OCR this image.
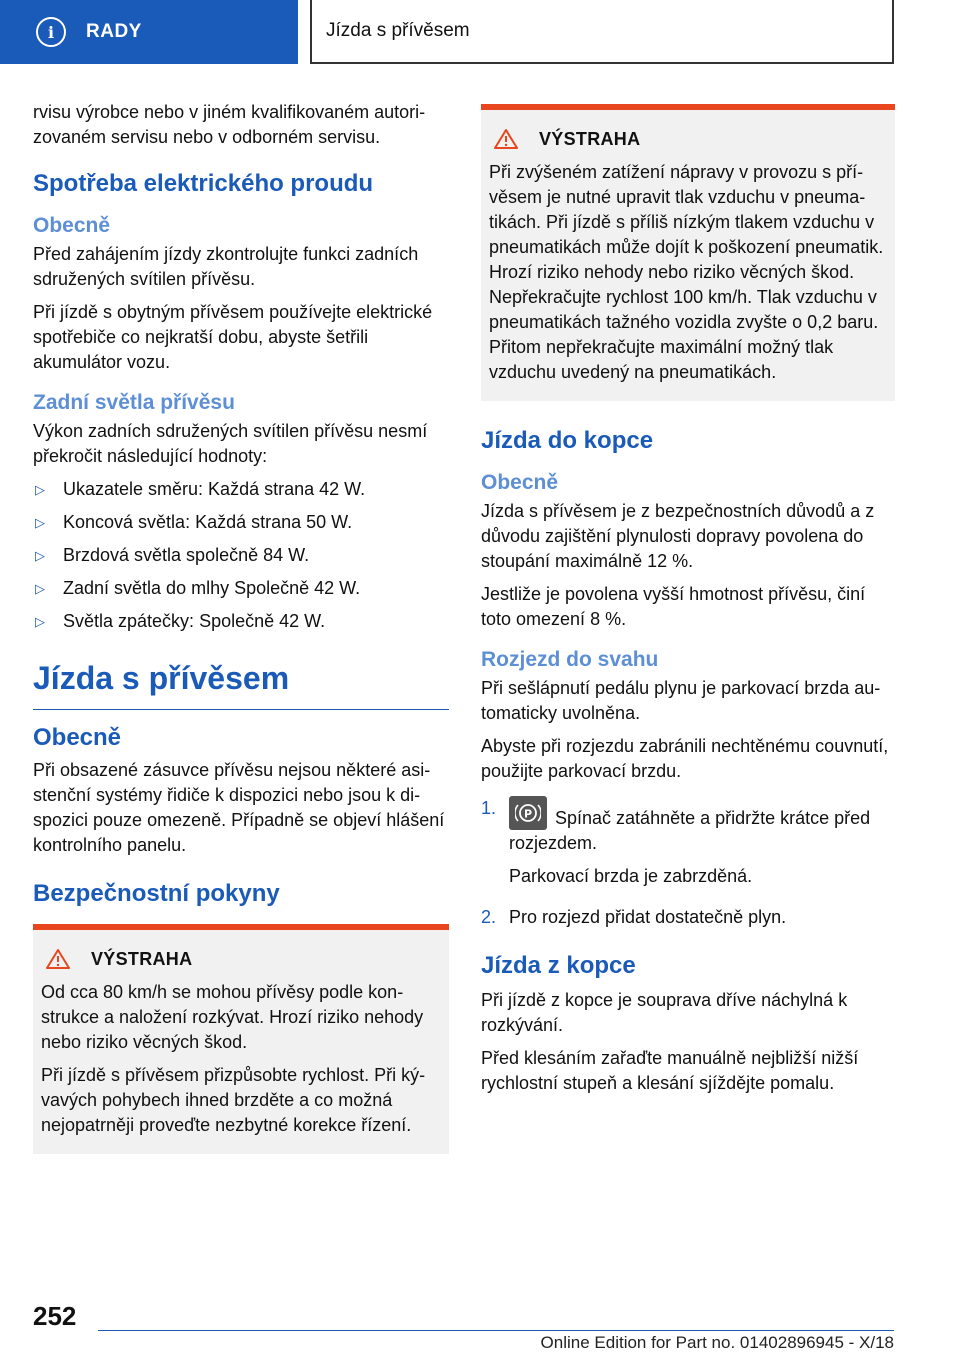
i	RADY	Jízda s přívěsem

rvisu výrobce nebo v jiném kvalifikovaném autorizovaném servisu nebo v odborném servisu.

Spotřeba elektrického proudu
Obecně

Před zahájením jízdy zkontrolujte funkci zadních sdružených svítilen přívěsu.

Při jízdě s obytným přívěsem používejte elektrické spotřebiče co nejkratší dobu, abyste šetřili akumulátor vozu.

Zadní světla přívěsu

Výkon zadních sdružených svítilen přívěsu nesmí překročit následující hodnoty:

▷	Ukazatele směru: Každá strana 42 W.
▷	Koncová světla: Každá strana 50 W.
▷	Brzdová světla společně 84 W.
▷	Zadní světla do mlhy Společně 42 W.
▷	Světla zpátečky: Společně 42 W.
Jízda s přívěsem
Obecně

Při obsazené zásuvce přívěsu nejsou některé asistenční systémy řidiče k dispozici nebo jsou k dispozici pouze omezeně. Případně se objeví hlášení kontrolního panelu.

Bezpečnostní pokyny
VÝSTRAHA

Od cca 80 km/h se mohou přívěsy podle konstrukce a naložení rozkývat. Hrozí riziko nehody nebo riziko věcných škod.

Při jízdě s přívěsem přizpůsobte rychlost. Při kývavých pohybech ihned brzděte a co možná nejopatrněji proveďte nezbytné korekce řízení.

VÝSTRAHA

Při zvýšeném zatížení nápravy v provozu s přívěsem je nutné upravit tlak vzduchu v pneumatikách. Při jízdě s příliš nízkým tlakem vzduchu v pneumatikách může dojít k poškození pneumatik. Hrozí riziko nehody nebo riziko věcných škod. Nepřekračujte rychlost 100 km/h. Tlak vzduchu v pneumatikách tažného vozidla zvyšte o 0,2 baru. Přitom nepřekračujte maximální možný tlak vzduchu uvedený na pneumatikách.

Jízda do kopce
Obecně

Jízda s přívěsem je z bezpečnostních důvodů a z důvodu zajištění plynulosti dopravy povolena do stoupání maximálně 12 %.

Jestliže je povolena vyšší hmotnost přívěsu, činí toto omezení 8 %.

Rozjezd do svahu

Při sešlápnutí pedálu plynu je parkovací brzda automaticky uvolněna.

Abyste při rozjezdu zabránili nechtěnému couvnutí, použijte parkovací brzdu.

1.	P Spínač zatáhněte a přidržte krátce před rozjezdem.

Parkovací brzda je zabrzděná.

2. Pro rozjezd přidat dostatečně plyn.
Jízda z kopce

Při jízdě z kopce je souprava dříve náchylná k rozkývání.

Před klesáním zařaďte manuálně nejbližší nižší rychlostní stupeň a klesání sjíždějte pomalu.

252
Online Edition for Part no. 01402896945 - X/18
